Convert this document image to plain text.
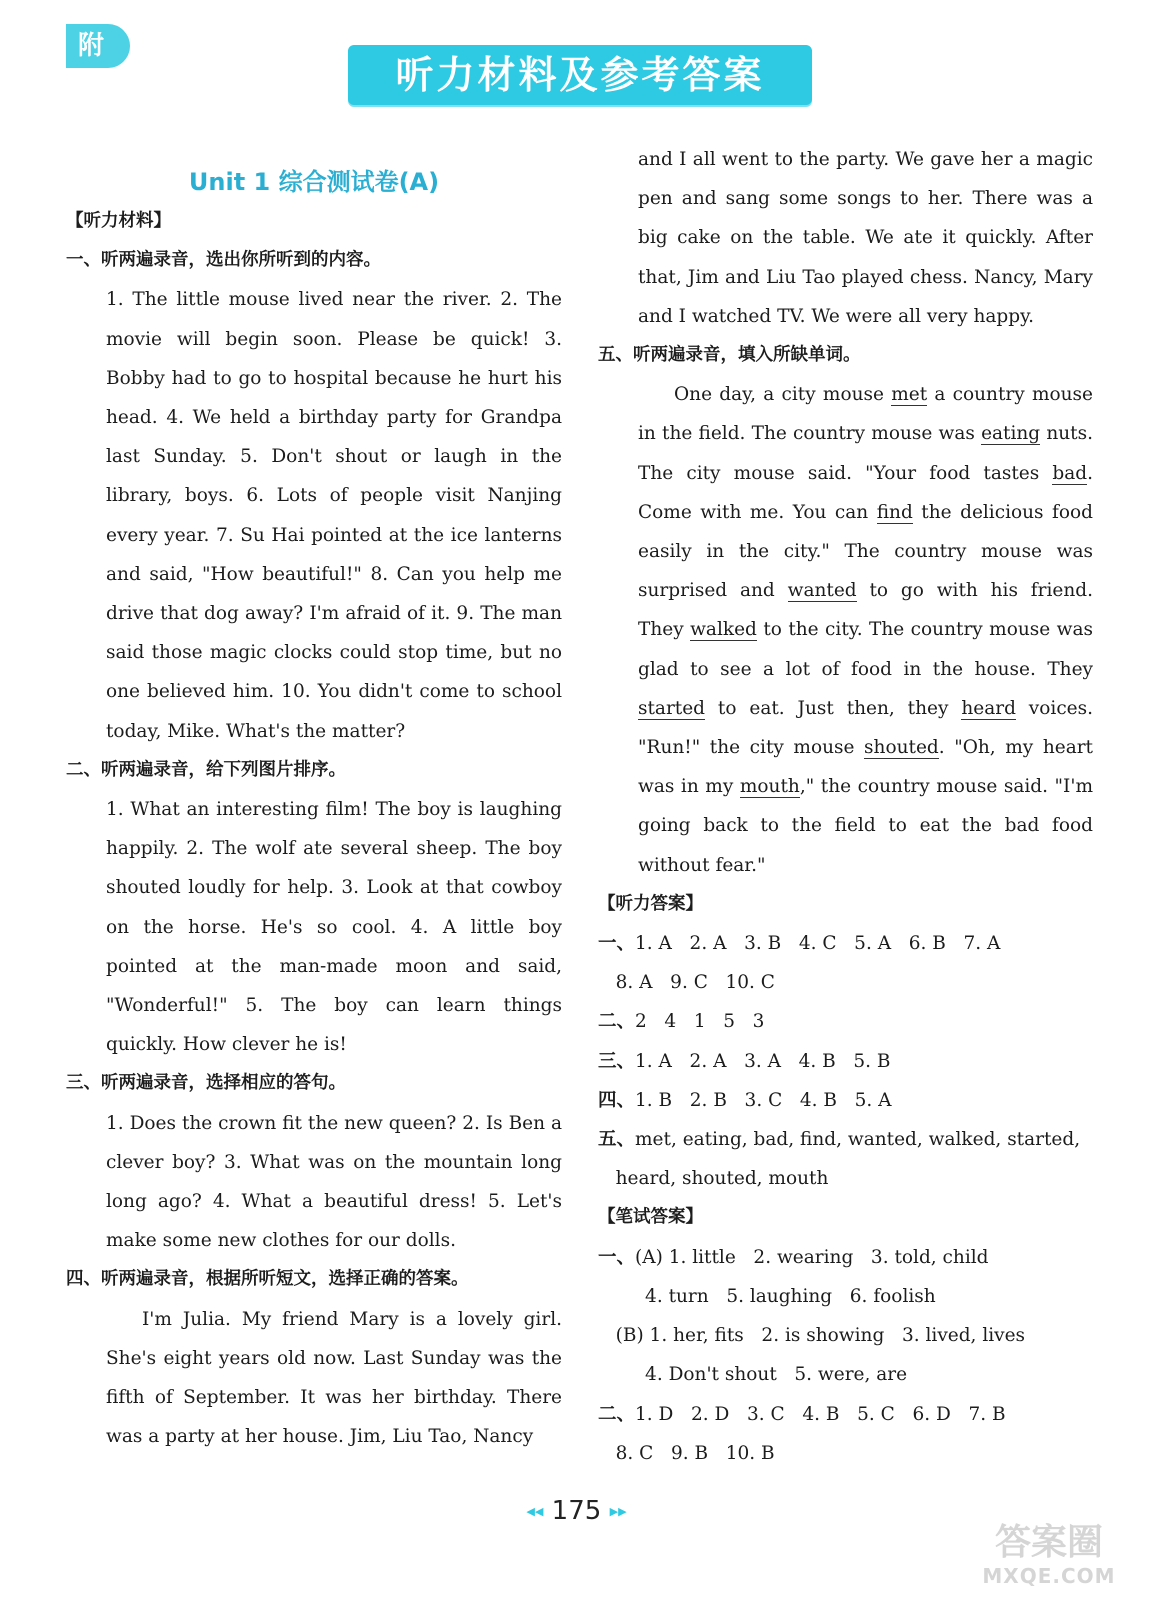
附
听力材料及参考答案
Unit 1 综合测试卷(A)
【听力材料】
一、听两遍录音，选出你所听到的内容。
1. The little mouse lived near the river. 2. The movie will begin soon. Please be quick! 3. Bobby had to go to hospital because he hurt his head. 4. We held a birthday party for Grandpa last Sunday. 5. Don't shout or laugh in the library, boys. 6. Lots of people visit Nanjing every year. 7. Su Hai pointed at the ice lanterns and said, "How beautiful!" 8. Can you help me drive that dog away? I'm afraid of it. 9. The man said those magic clocks could stop time, but no one believed him. 10. You didn't come to school today, Mike. What's the matter?
二、听两遍录音，给下列图片排序。
1. What an interesting film! The boy is laughing happily. 2. The wolf ate several sheep. The boy shouted loudly for help. 3. Look at that cowboy on the horse. He's so cool. 4. A little boy pointed at the man-made moon and said, "Wonderful!" 5. The boy can learn things quickly. How clever he is!
三、听两遍录音，选择相应的答句。
1. Does the crown fit the new queen? 2. Is Ben a clever boy? 3. What was on the mountain long long ago? 4. What a beautiful dress! 5. Let's make some new clothes for our dolls.
四、听两遍录音，根据所听短文，选择正确的答案。
I'm Julia. My friend Mary is a lovely girl. She's eight years old now. Last Sunday was the fifth of September. It was her birthday. There was a party at her house. Jim, Liu Tao, Nancy
and I all went to the party. We gave her a magic pen and sang some songs to her. There was a big cake on the table. We ate it quickly. After that, Jim and Liu Tao played chess. Nancy, Mary and I watched TV. We were all very happy.
五、听两遍录音，填入所缺单词。
One day, a city mouse met a country mouse in the field. The country mouse was eating nuts. The city mouse said. "Your food tastes bad. Come with me. You can find the delicious food easily in the city." The country mouse was surprised and wanted to go with his friend. They walked to the city. The country mouse was glad to see a lot of food in the house. They started to eat. Just then, they heard voices. "Run!" the city mouse shouted. "Oh, my heart was in my mouth," the country mouse said. "I'm going back to the field to eat the bad food without fear."
【听力答案】
一、1. A   2. A   3. B   4. C   5. A   6. B   7. A
8. A   9. C   10. C
二、2   4   1   5   3
三、1. A   2. A   3. A   4. B   5. B
四、1. B   2. B   3. C   4. B   5. A
五、met, eating, bad, find, wanted, walked, started,
heard, shouted, mouth
【笔试答案】
一、(A) 1. little   2. wearing   3. told, child
4. turn   5. laughing   6. foolish
(B) 1. her, fits   2. is showing   3. lived, lives
4. Don't shout   5. were, are
二、1. D   2. D   3. C   4. B   5. C   6. D   7. B
8. C   9. B   10. B
◂◂ 175 ▸▸
答案圈
MXQE.COM
